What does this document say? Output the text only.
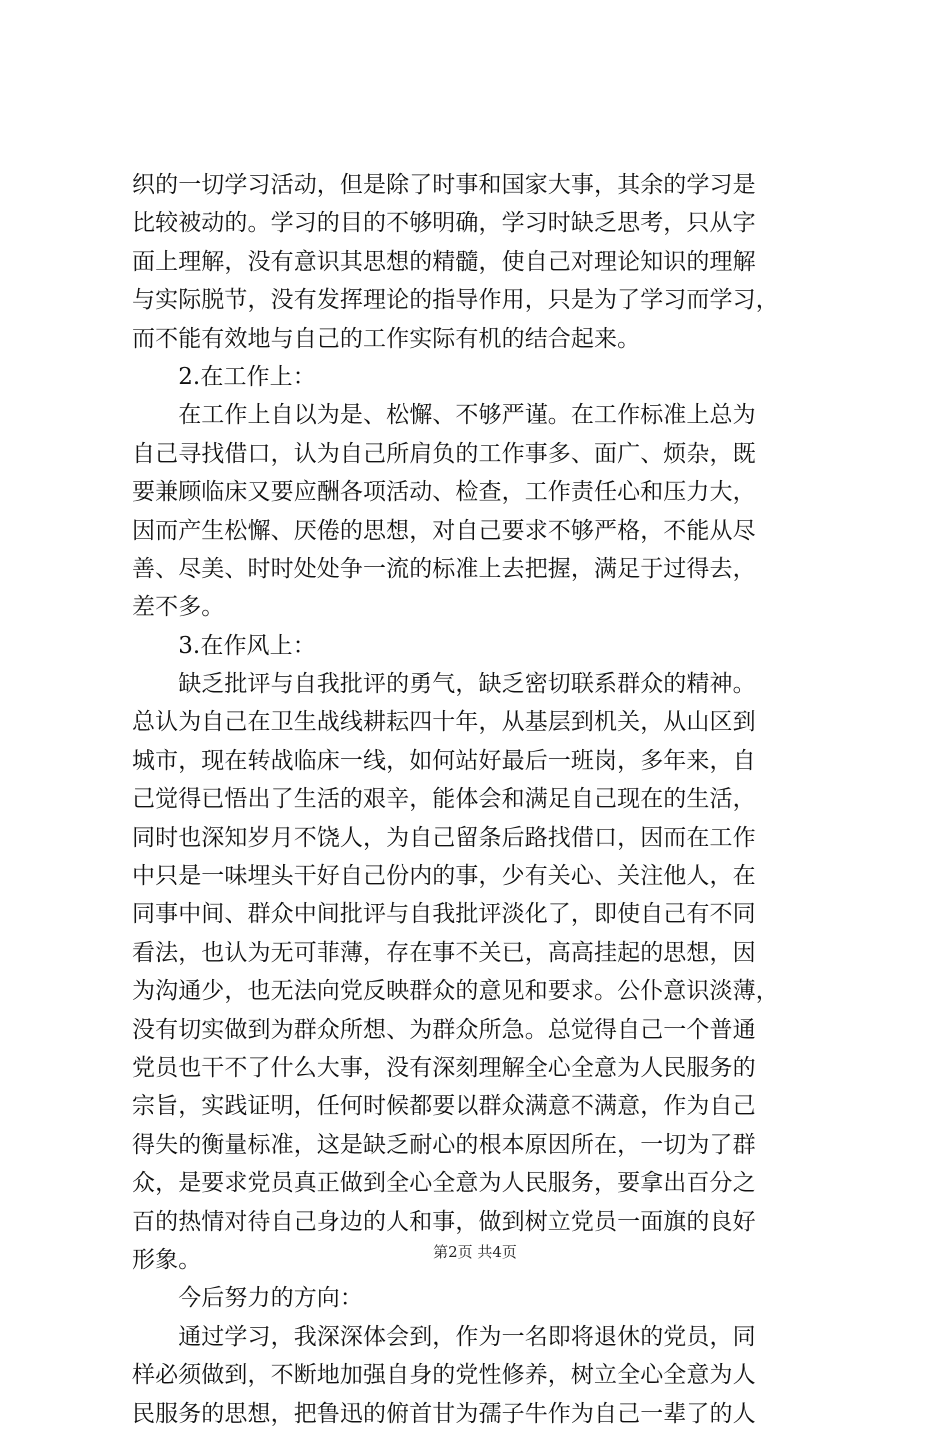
织的一切学习活动，但是除了时事和国家大事，其余的学习是
比较被动的。学习的目的不够明确，学习时缺乏思考，只从字
面上理解，没有意识其思想的精髓，使自己对理论知识的理解
与实际脱节，没有发挥理论的指导作用，只是为了学习而学习，
而不能有效地与自己的工作实际有机的结合起来。
　　2.在工作上：
　　在工作上自以为是、松懈、不够严谨。在工作标准上总为
自己寻找借口，认为自己所肩负的工作事多、面广、烦杂，既
要兼顾临床又要应酬各项活动、检查，工作责任心和压力大，
因而产生松懈、厌倦的思想，对自己要求不够严格，不能从尽
善、尽美、时时处处争一流的标准上去把握，满足于过得去，
差不多。
　　3.在作风上：
　　缺乏批评与自我批评的勇气，缺乏密切联系群众的精神。
总认为自己在卫生战线耕耘四十年，从基层到机关，从山区到
城市，现在转战临床一线，如何站好最后一班岗，多年来，自
己觉得已悟出了生活的艰辛，能体会和满足自己现在的生活，
同时也深知岁月不饶人，为自己留条后路找借口，因而在工作
中只是一味埋头干好自己份内的事，少有关心、关注他人，在
同事中间、群众中间批评与自我批评淡化了，即使自己有不同
看法，也认为无可菲薄，存在事不关已，高高挂起的思想，因
为沟通少，也无法向党反映群众的意见和要求。公仆意识淡薄，
没有切实做到为群众所想、为群众所急。总觉得自己一个普通
党员也干不了什么大事，没有深刻理解全心全意为人民服务的
宗旨，实践证明，任何时候都要以群众满意不满意，作为自己
得失的衡量标准，这是缺乏耐心的根本原因所在，一切为了群
众，是要求党员真正做到全心全意为人民服务，要拿出百分之
百的热情对待自己身边的人和事，做到树立党员一面旗的良好
形象。
　　今后努力的方向：
　　通过学习，我深深体会到，作为一名即将退休的党员，同
样必须做到，不断地加强自身的党性修养，树立全心全意为人
民服务的思想，把鲁迅的俯首甘为孺子牛作为自己一辈了的人
第2页 共4页
